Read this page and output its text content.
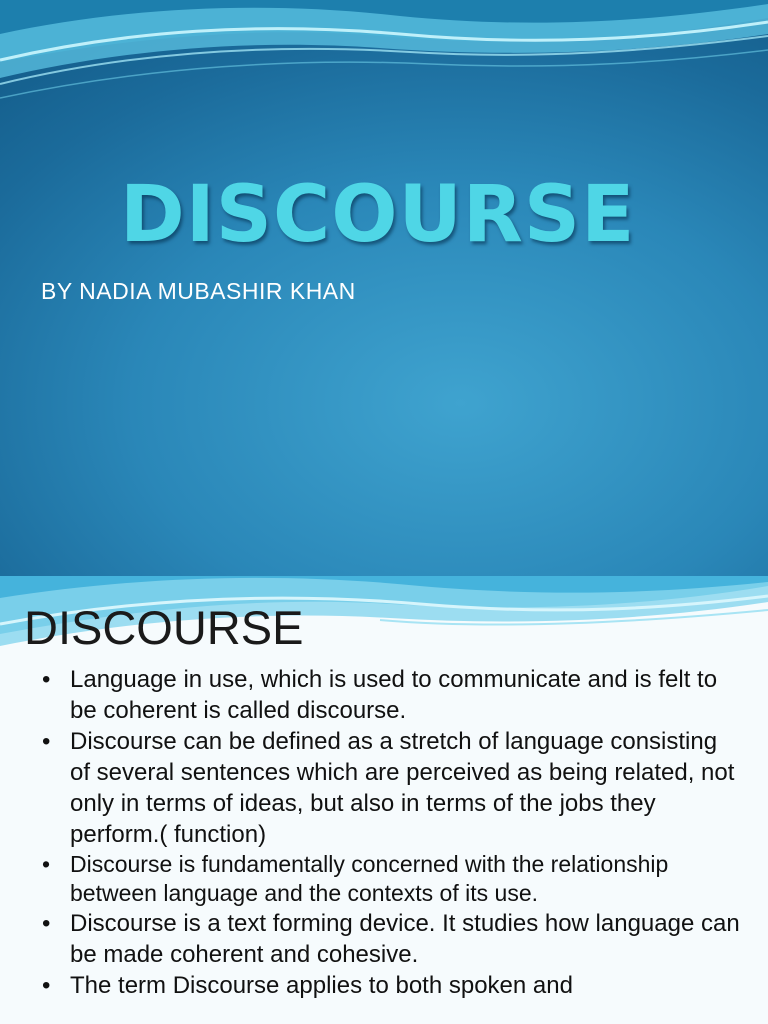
DISCOURSE

BY NADIA MUBASHIR KHAN

DISCOURSE
• Language in use, which is used to communicate and is felt to be coherent is called discourse.
• Discourse can be defined as a stretch of language consisting of several sentences which are perceived as being related, not only in terms of ideas, but also in terms of the jobs they perform.( function)
• Discourse is fundamentally concerned with the relationship between language and the contexts of its use.
• Discourse is a text forming device. It studies how language can be made coherent and cohesive.
• The term Discourse applies to both spoken and
